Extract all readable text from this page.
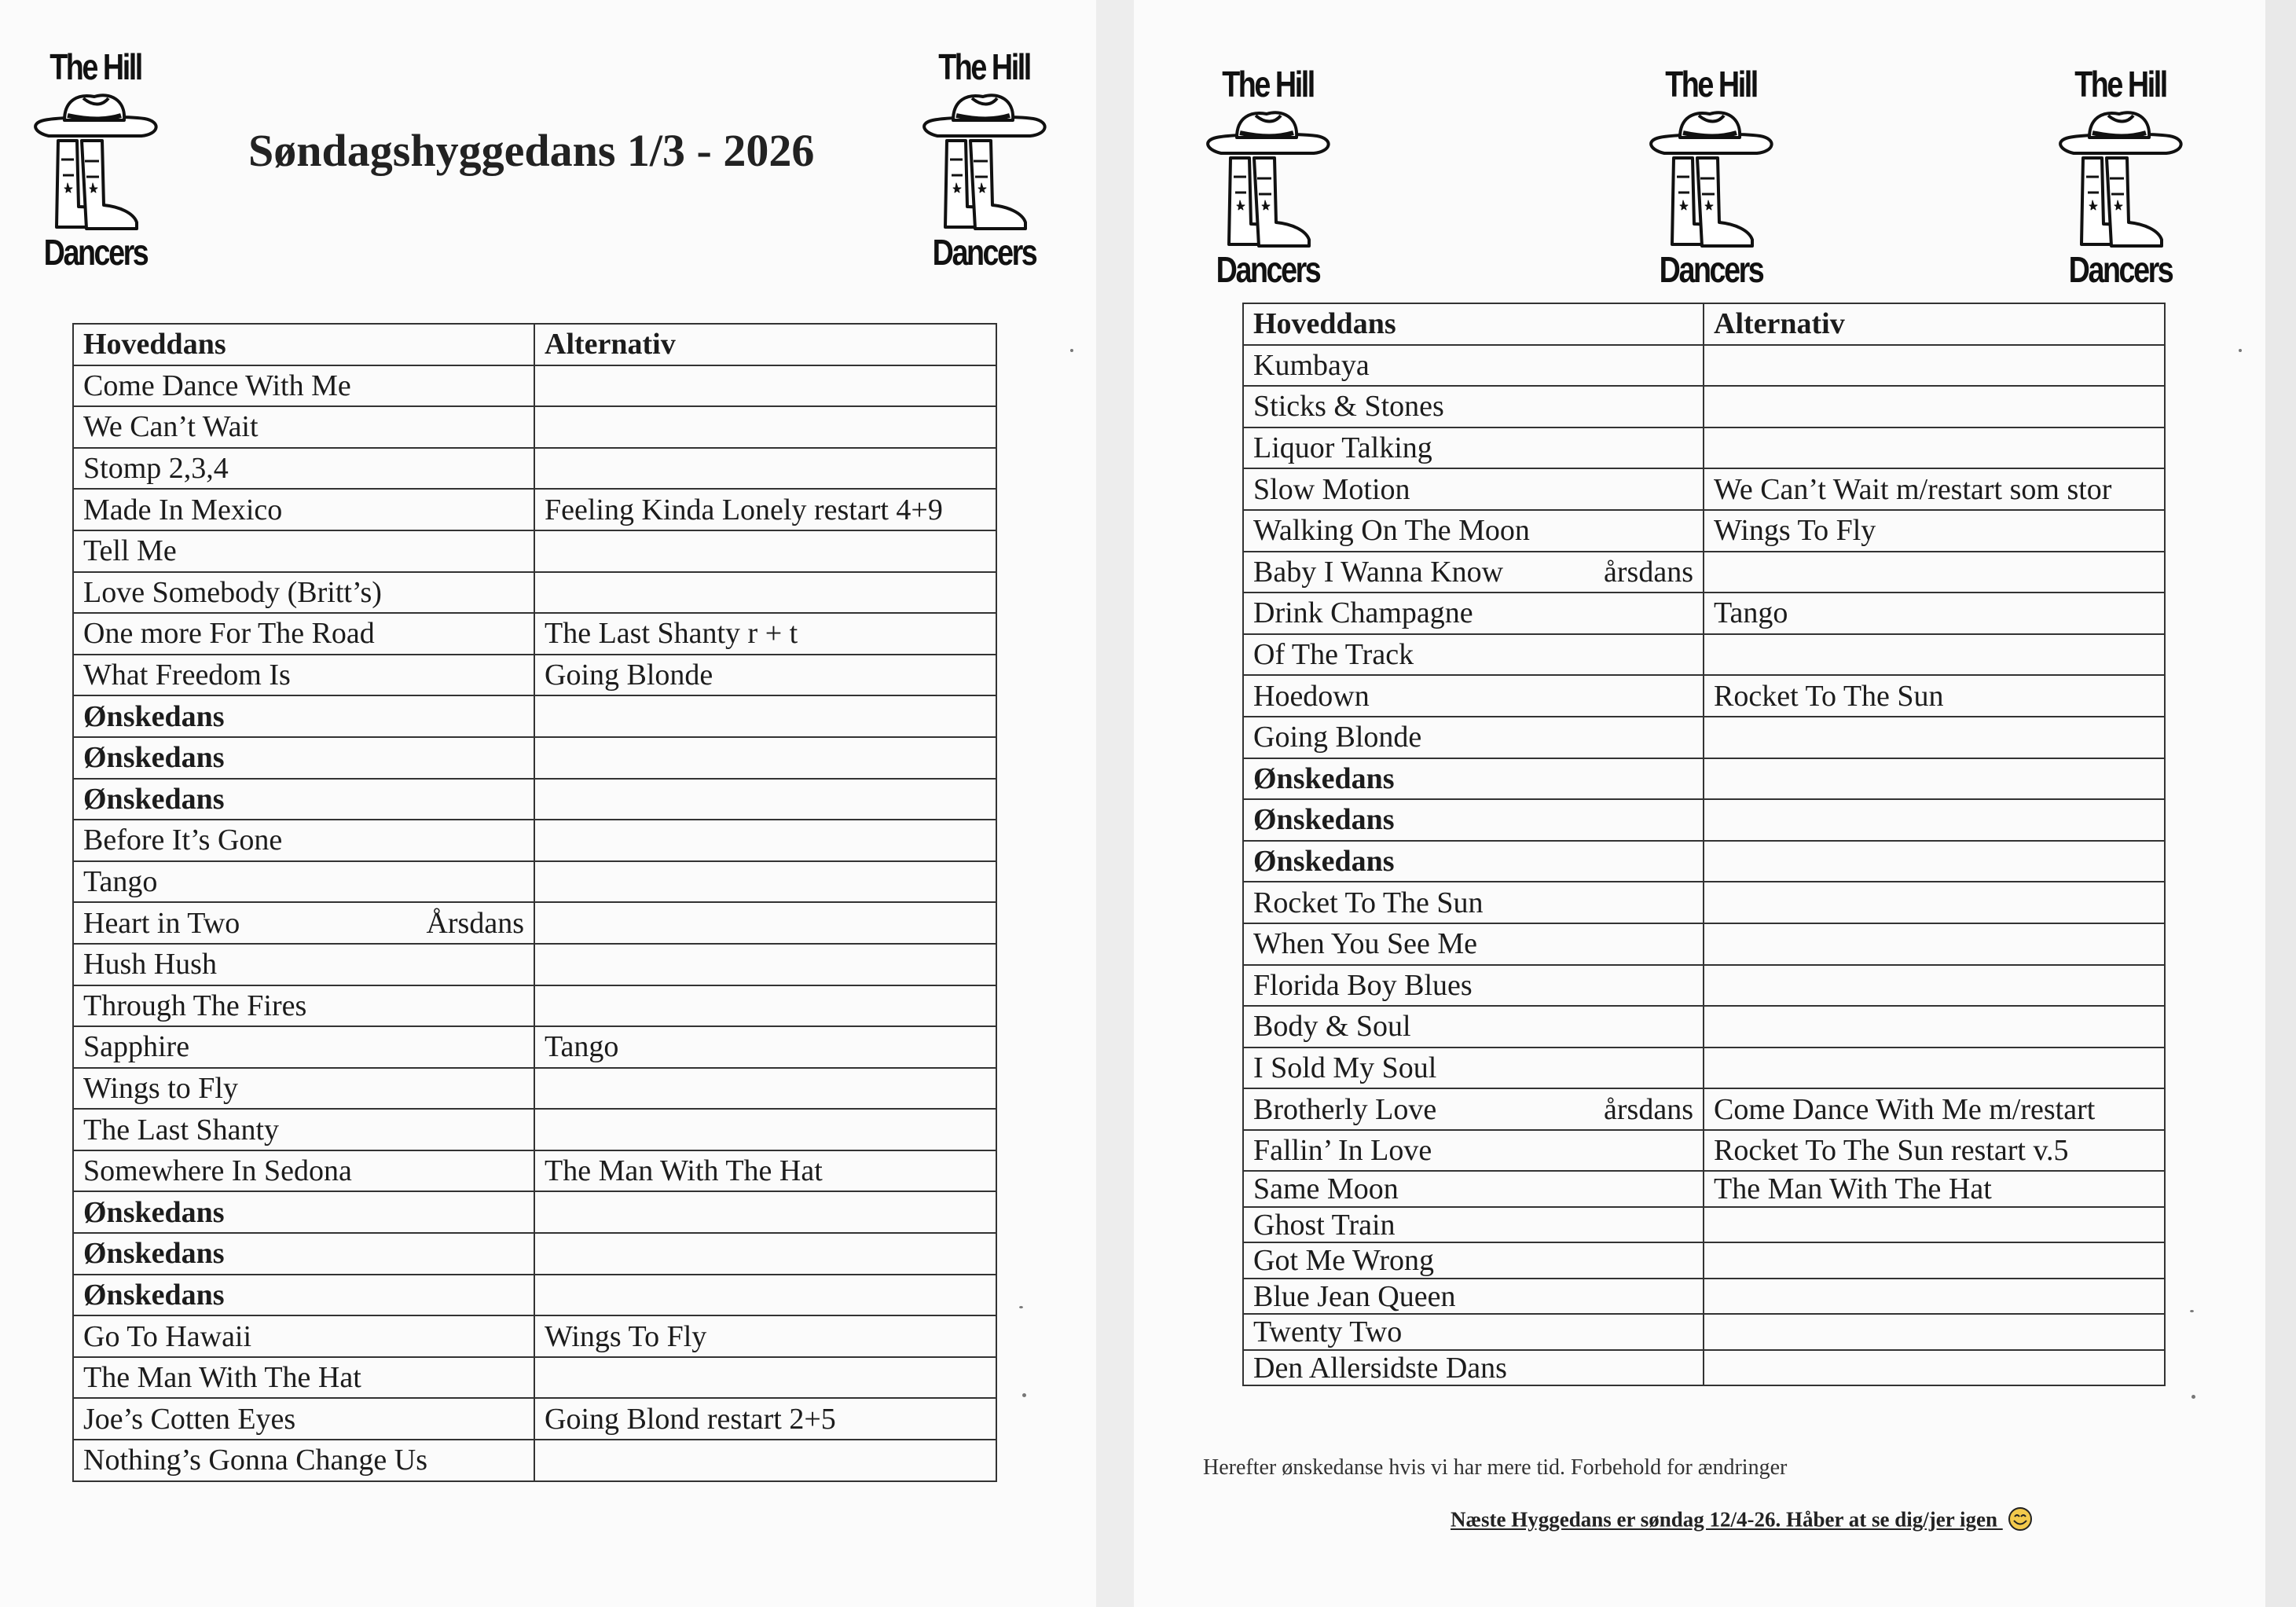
The Hill
Dancers
The Hill
Dancers
Søndagshyggedans 1/3 - 2026
Hoveddans	Alternativ

Come Dance With Me	

We Can’t Wait	

Stomp 2,3,4	

Made In Mexico	Feeling Kinda Lonely restart 4+9

Tell Me	

Love Somebody (Britt’s)	

One more For The Road	The Last Shanty r + t

What Freedom Is	Going Blonde

Ønskedans	

Ønskedans	

Ønskedans	

Before It’s Gone	

Tango	

Heart in Two Årsdans	

Hush Hush	

Through The Fires	

Sapphire	Tango

Wings to Fly	

The Last Shanty	

Somewhere In Sedona	The Man With The Hat

Ønskedans	

Ønskedans	

Ønskedans	

Go To Hawaii	Wings To Fly

The Man With The Hat	

Joe’s Cotten Eyes	Going Blond restart 2+5

Nothing’s Gonna Change Us	

The Hill
Dancers
The Hill
Dancers
The Hill
Dancers
Hoveddans	Alternativ

Kumbaya	

Sticks & Stones	

Liquor Talking	

Slow Motion	We Can’t Wait m/restart som stor

Walking On The Moon	Wings To Fly

Baby I Wanna Know årsdans	

Drink Champagne	Tango

Of The Track	

Hoedown	Rocket To The Sun

Going Blonde	

Ønskedans	

Ønskedans	

Ønskedans	

Rocket To The Sun	

When You See Me	

Florida Boy Blues	

Body & Soul	

I Sold My Soul	

Brotherly Love årsdans	Come Dance With Me m/restart

Fallin’ In Love	Rocket To The Sun restart v.5

Same Moon	The Man With The Hat

Ghost Train	

Got Me Wrong	

Blue Jean Queen	

Twenty Two	

Den Allersidste Dans	

Herefter ønskedanse hvis vi har mere tid. Forbehold for ændringer
Næste Hyggedans er søndag 12/4-26. Håber at se dig/jer igen
